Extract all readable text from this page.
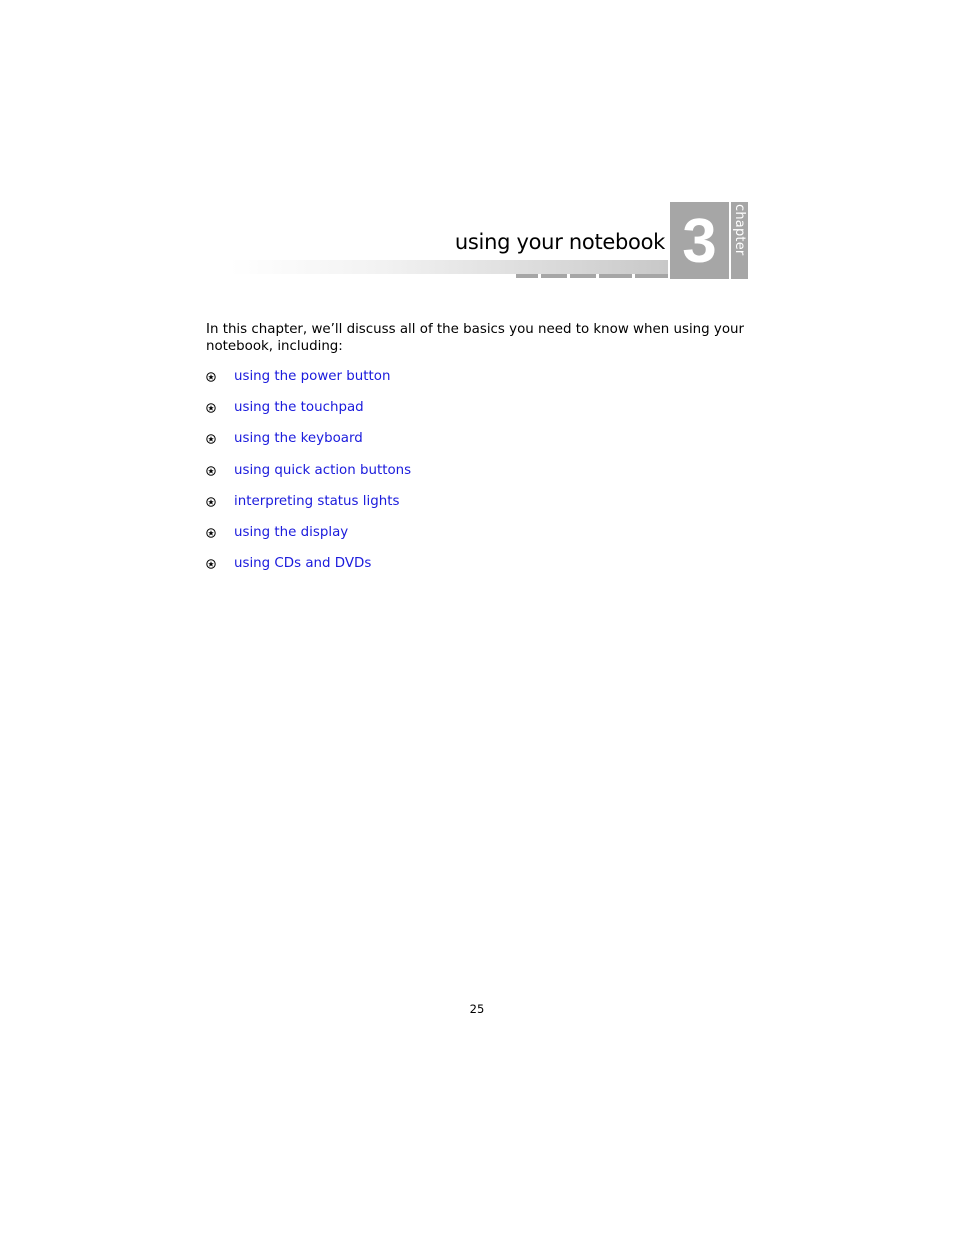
using your notebook 3 chapter

In this chapter, we’ll discuss all of the basics you need to know when using your notebook, including:

using the power button
using the touchpad
using the keyboard
using quick action buttons
interpreting status lights
using the display
using CDs and DVDs

25
